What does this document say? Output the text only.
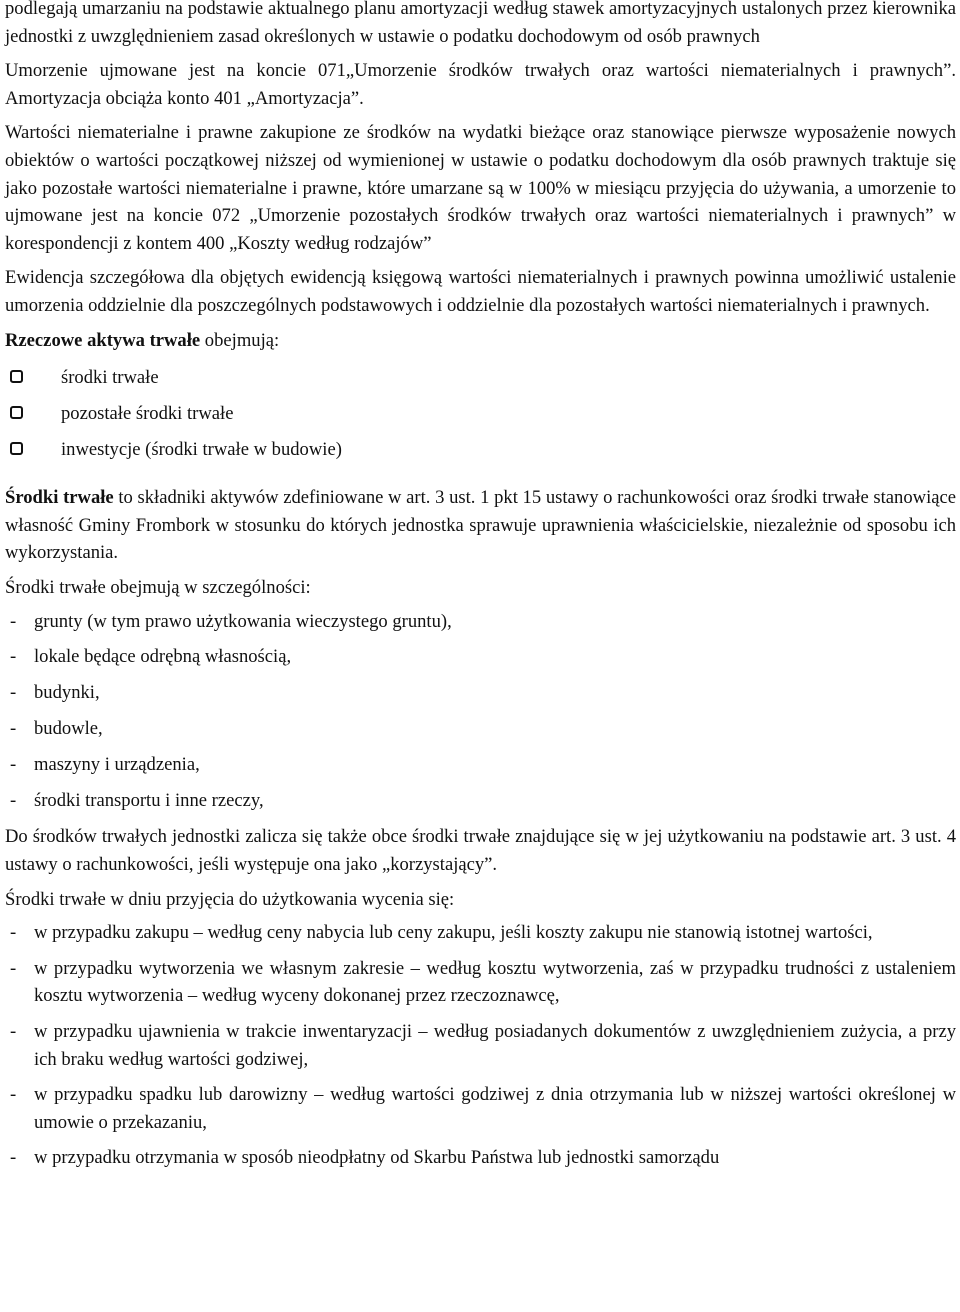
podlegają umarzaniu na podstawie aktualnego planu amortyzacji według stawek amortyzacyjnych ustalonych przez kierownika jednostki z uwzględnieniem zasad określonych w ustawie o podatku dochodowym od osób prawnych

Umorzenie ujmowane jest na koncie 071„Umorzenie środków trwałych oraz wartości niematerialnych i prawnych”. Amortyzacja obciąża konto 401 „Amortyzacja”.

Wartości niematerialne i prawne zakupione ze środków na wydatki bieżące oraz stanowiące pierwsze wyposażenie nowych obiektów o wartości początkowej niższej od wymienionej w ustawie o podatku dochodowym dla osób prawnych traktuje się jako pozostałe wartości niematerialne i prawne, które umarzane są w 100% w miesiącu przyjęcia do używania, a umorzenie to ujmowane jest na koncie 072 „Umorzenie pozostałych środków trwałych oraz wartości niematerialnych i prawnych” w korespondencji z kontem 400 „Koszty według rodzajów”

Ewidencja szczegółowa dla objętych ewidencją księgową wartości niematerialnych i prawnych powinna umożliwić ustalenie umorzenia oddzielnie dla poszczególnych podstawowych i oddzielnie dla pozostałych wartości niematerialnych i prawnych.

Rzeczowe aktywa trwałe obejmują:

środki trwałe
pozostałe środki trwałe
inwestycje (środki trwałe w budowie)

Środki trwałe to składniki aktywów zdefiniowane w art. 3 ust. 1 pkt 15 ustawy o rachunkowości oraz środki trwałe stanowiące własność Gminy Frombork w stosunku do których jednostka sprawuje uprawnienia właścicielskie, niezależnie od sposobu ich wykorzystania.

Środki trwałe obejmują w szczególności:

- grunty (w tym prawo użytkowania wieczystego gruntu),
- lokale będące odrębną własnością,
- budynki,
- budowle,
- maszyny i urządzenia,
- środki transportu i inne rzeczy,

Do środków trwałych jednostki zalicza się także obce środki trwałe znajdujące się w jej użytkowaniu na podstawie art. 3 ust. 4 ustawy o rachunkowości, jeśli występuje ona jako „korzystający”.

Środki trwałe w dniu przyjęcia do użytkowania wycenia się:

- w przypadku zakupu – według ceny nabycia lub ceny zakupu, jeśli koszty zakupu nie stanowią istotnej wartości,
- w przypadku wytworzenia we własnym zakresie – według kosztu wytworzenia, zaś w przypadku trudności z ustaleniem kosztu wytworzenia – według wyceny dokonanej przez rzeczoznawcę,
- w przypadku ujawnienia w trakcie inwentaryzacji – według posiadanych dokumentów z uwzględnieniem zużycia, a przy ich braku według wartości godziwej,
- w przypadku spadku lub darowizny – według wartości godziwej z dnia otrzymania lub w niższej wartości określonej w umowie o przekazaniu,
- w przypadku otrzymania w sposób nieodpłatny od Skarbu Państwa lub jednostki samorządu
